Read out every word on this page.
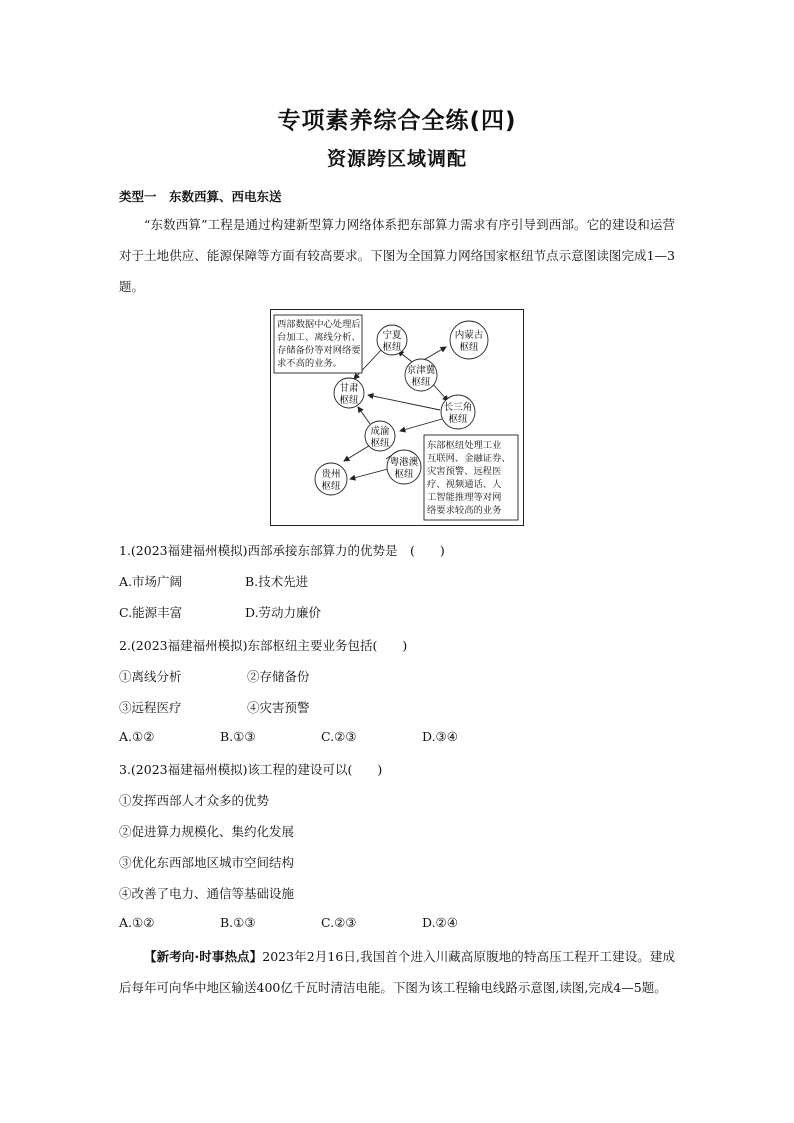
专项素养综合全练(四)
资源跨区域调配
类型一　东数西算、西电东送
“东数西算”工程是通过构建新型算力网络体系把东部算力需求有序引导到西部。它的建设和运营对于土地供应、能源保障等方面有较高要求。下图为全国算力网络国家枢纽节点示意图读图完成1—3题。
西部数据中心处理后 台加工、离线分析、 存储备份等对网络要 求不高的业务。
东部枢纽处理工业 互联网、金融证券、 灾害预警、远程医 疗、视频通话、人 工智能推理等对网 络要求较高的业务
宁夏
枢纽
内蒙古
枢纽
京津冀
枢纽
甘肃
枢纽
长三角
枢纽
成渝
枢纽
粤港澳
枢纽
贵州
枢纽
1.(2023福建福州模拟)西部承接东部算力的优势是　(　　)
A.市场广阔	B.技术先进
C.能源丰富	D.劳动力廉价
2.(2023福建福州模拟)东部枢纽主要业务包括(　　)
①离线分析	②存储备份
③远程医疗	④灾害预警
A.①②	B.①③	C.②③	D.③④
3.(2023福建福州模拟)该工程的建设可以(　　)
①发挥西部人才众多的优势
②促进算力规模化、集约化发展
③优化东西部地区城市空间结构
④改善了电力、通信等基础设施
A.①②	B.①③	C.②③	D.②④
【新考向·时事热点】2023年2月16日,我国首个进入川藏高原腹地的特高压工程开工建设。建成后每年可向华中地区输送400亿千瓦时清洁电能。下图为该工程输电线路示意图,读图,完成4—5题。
